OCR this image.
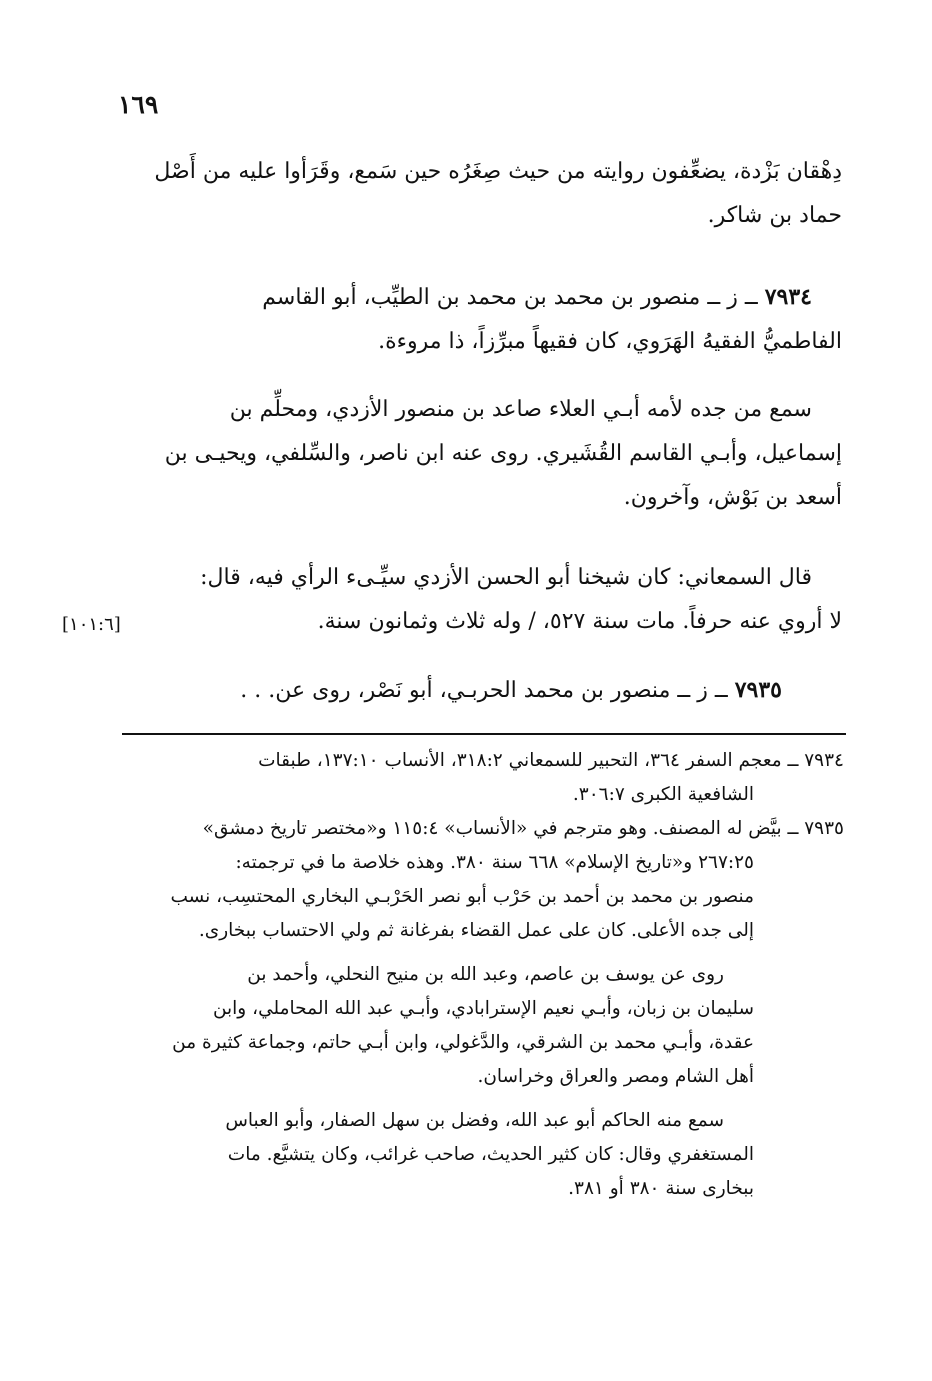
١٦٩
دِهْقان بَزْدة، يضعِّفون روايته من حيث صِغَرُه حين سَمع، وقَرَأوا عليه من أَصْل
حماد بن شاكر.
٧٩٣٤ ــ ز ــ منصور بن محمد بن محمد بن الطيِّب، أبو القاسم
الفاطميُّ الفقيهُ الهَرَوي، كان فقيهاً مبرِّزاً، ذا مروءة.
سمع من جده لأمه أبـي العلاء صاعد بن منصور الأزدي، ومحلِّم بن
إسماعيل، وأبـي القاسم القُشَيري. روى عنه ابن ناصر، والسِّلفي، ويحيـى بن
أسعد بن بَوْش، وآخرون.
قال السمعاني: كان شيخنا أبو الحسن الأزدي سيِّـىء الرأي فيه، قال:
لا أروي عنه حرفاً. مات سنة ٥٢٧، / وله ثلاث وثمانون سنة.
[١٠١:٦]
٧٩٣٥ ــ ز ــ منصور بن محمد الحربـي، أبو نَصْر، روى عن. . .
٧٩٣٤ ــ معجم السفر ٣٦٤، التحبير للسمعاني ٣١٨:٢، الأنساب ١٣٧:١٠، طبقات
الشافعية الكبرى ٣٠٦:٧.
٧٩٣٥ ــ بيَّض له المصنف. وهو مترجم في «الأنساب» ١١٥:٤ و«مختصر تاريخ دمشق»
٢٦٧:٢٥ و«تاريخ الإسلام» ٦٦٨ سنة ٣٨٠. وهذه خلاصة ما في ترجمته:
منصور بن محمد بن أحمد بن حَرْب أبو نصر الحَرْبـي البخاري المحتسِب، نسب
إلى جده الأعلى. كان على عمل القضاء بفرغانة ثم ولي الاحتساب ببخارى.
روى عن يوسف بن عاصم، وعبد الله بن منيح النحلي، وأحمد بن
سليمان بن زبان، وأبـي نعيم الإسترابادي، وأبـي عبد الله المحاملي، وابن
عقدة، وأبـي محمد بن الشرقي، والدَّغولي، وابن أبـي حاتم، وجماعة كثيرة من
أهل الشام ومصر والعراق وخراسان.
سمع منه الحاكم أبو عبد الله، وفضل بن سهل الصفار، وأبو العباس
المستغفري وقال: كان كثير الحديث، صاحب غرائب، وكان يتشيَّع. مات
ببخارى سنة ٣٨٠ أو ٣٨١.
